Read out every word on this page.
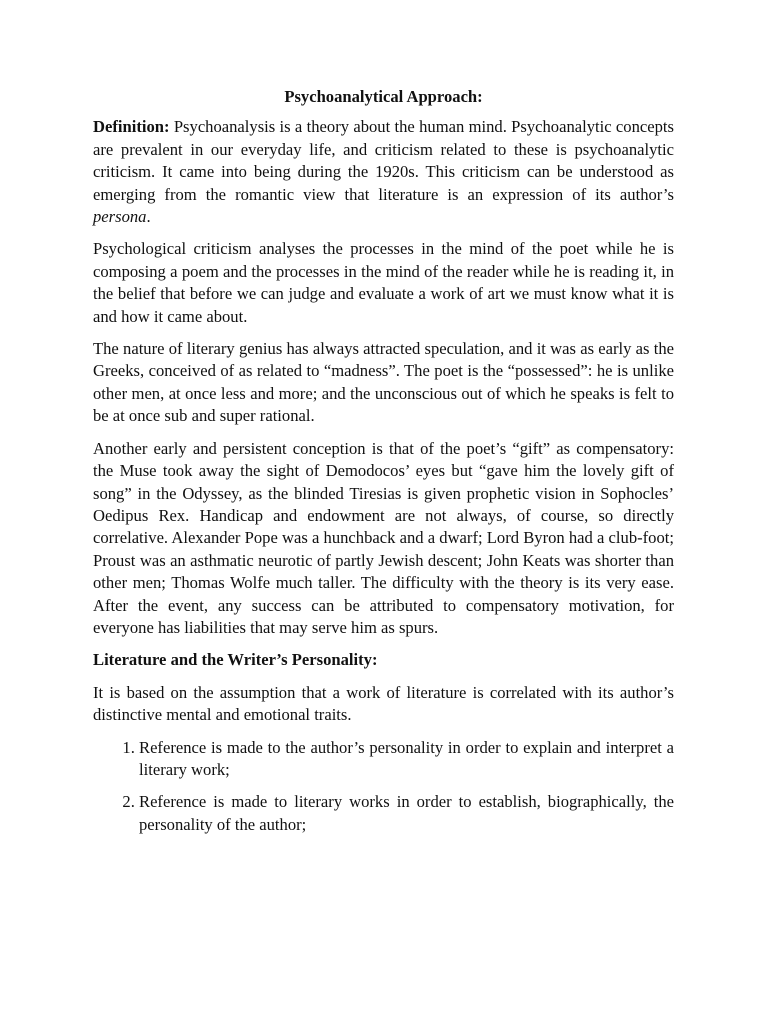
Psychoanalytical Approach:

Definition: Psychoanalysis is a theory about the human mind. Psychoanalytic concepts are prevalent in our everyday life, and criticism related to these is psychoanalytic criticism. It came into being during the 1920s. This criticism can be understood as emerging from the romantic view that literature is an expression of its author’s persona.

Psychological criticism analyses the processes in the mind of the poet while he is composing a poem and the processes in the mind of the reader while he is reading it, in the belief that before we can judge and evaluate a work of art we must know what it is and how it came about.

The nature of literary genius has always attracted speculation, and it was as early as the Greeks, conceived of as related to “madness”. The poet is the “possessed”: he is unlike other men, at once less and more; and the unconscious out of which he speaks is felt to be at once sub and super rational.

Another early and persistent conception is that of the poet’s “gift” as compensatory: the Muse took away the sight of Demodocos’ eyes but “gave him the lovely gift of song” in the Odyssey, as the blinded Tiresias is given prophetic vision in Sophocles’ Oedipus Rex. Handicap and endowment are not always, of course, so directly correlative. Alexander Pope was a hunchback and a dwarf; Lord Byron had a club-foot; Proust was an asthmatic neurotic of partly Jewish descent; John Keats was shorter than other men; Thomas Wolfe much taller. The difficulty with the theory is its very ease. After the event, any success can be attributed to compensatory motivation, for everyone has liabilities that may serve him as spurs.

Literature and the Writer’s Personality:

It is based on the assumption that a work of literature is correlated with its author’s distinctive mental and emotional traits.

1. Reference is made to the author’s personality in order to explain and interpret a literary work;
2. Reference is made to literary works in order to establish, biographically, the personality of the author;
